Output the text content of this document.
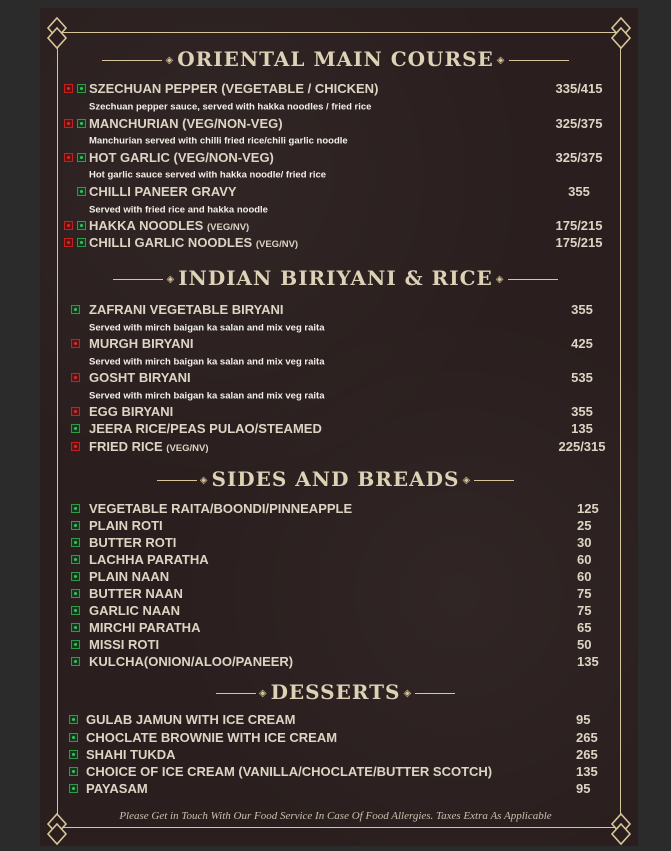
◈ ORIENTAL MAIN COURSE ◈
SZECHUAN PEPPER (VEGETABLE / CHICKEN)	335/415
Szechuan pepper sauce, served with hakka noodles / fried rice
MANCHURIAN (VEG/NON-VEG)	325/375
Manchurian served with chilli fried rice/chili garlic noodle
HOT GARLIC (VEG/NON-VEG)	325/375
Hot garlic sauce served with hakka noodle/ fried rice
CHILLI PANEER GRAVY	355
Served with fried rice and hakka noodle
HAKKA NOODLES (VEG/NV)	175/215
CHILLI GARLIC NOODLES (VEG/NV)	175/215
◈ INDIAN BIRIYANI & RICE ◈
ZAFRANI VEGETABLE BIRYANI	355
Served with mirch baigan ka salan and mix veg raita
MURGH BIRYANI	425
Served with mirch baigan ka salan and mix veg raita
GOSHT BIRYANI	535
Served with mirch baigan ka salan and mix veg raita
EGG BIRYANI	355
JEERA RICE/PEAS PULAO/STEAMED	135
FRIED RICE (VEG/NV)	225/315
◈ SIDES AND BREADS ◈
VEGETABLE RAITA/BOONDI/PINNEAPPLE	125
PLAIN ROTI	25
BUTTER ROTI	30
LACHHA PARATHA	60
PLAIN NAAN	60
BUTTER NAAN	75
GARLIC NAAN	75
MIRCHI PARATHA	65
MISSI ROTI	50
KULCHA(ONION/ALOO/PANEER)	135
◈ DESSERTS ◈
GULAB JAMUN WITH ICE CREAM	95
CHOCLATE BROWNIE WITH ICE CREAM	265
SHAHI TUKDA	265
CHOICE OF ICE CREAM (VANILLA/CHOCLATE/BUTTER SCOTCH)	135
PAYASAM	95
Please Get in Touch With Our Food Service In Case Of Food Allergies. Taxes Extra As Applicable
